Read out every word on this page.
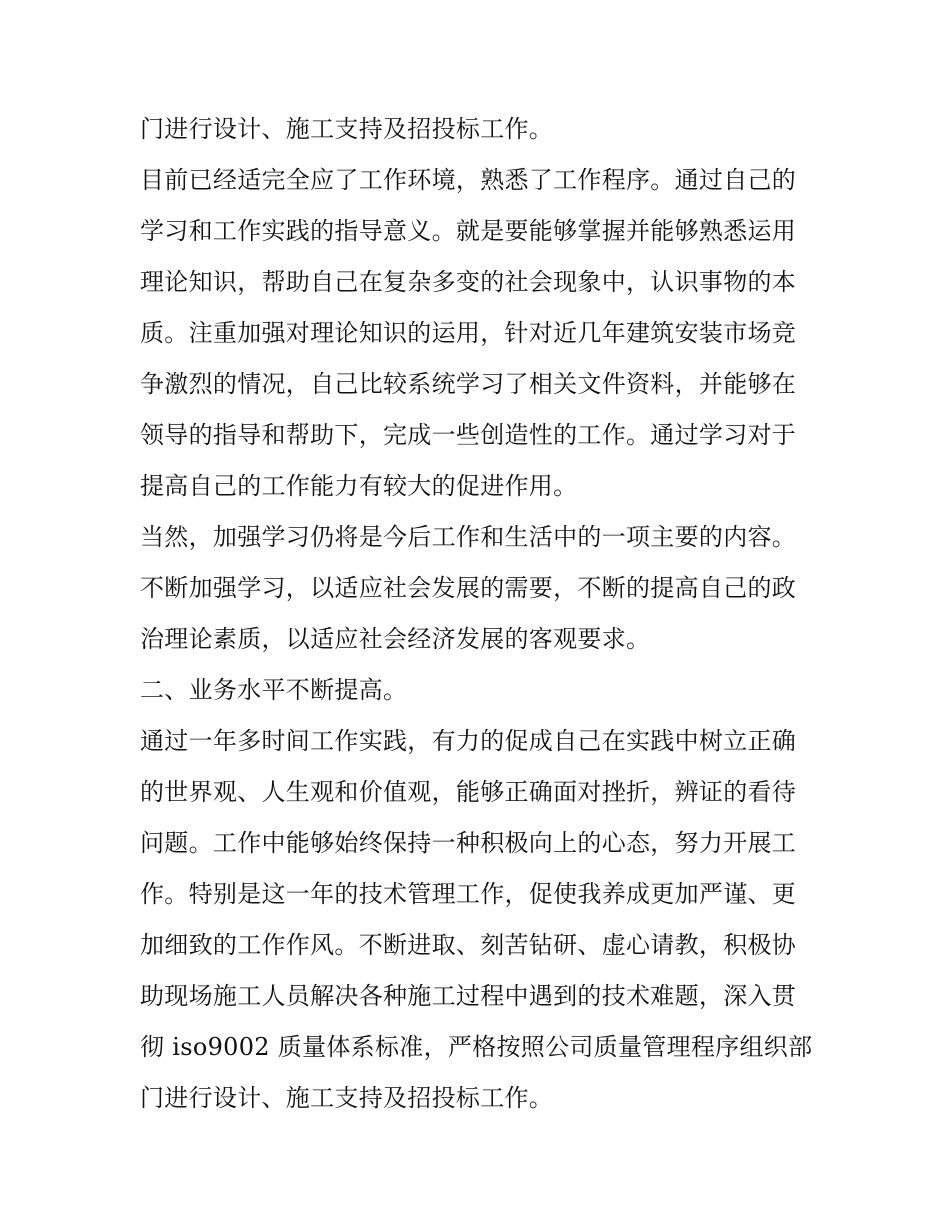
门进行设计、施工支持及招投标工作。
目前已经适完全应了工作环境，熟悉了工作程序。通过自己的
学习和工作实践的指导意义。就是要能够掌握并能够熟悉运用
理论知识，帮助自己在复杂多变的社会现象中，认识事物的本
质。注重加强对理论知识的运用，针对近几年建筑安装市场竞
争激烈的情况，自己比较系统学习了相关文件资料，并能够在
领导的指导和帮助下，完成一些创造性的工作。通过学习对于
提高自己的工作能力有较大的促进作用。
当然，加强学习仍将是今后工作和生活中的一项主要的内容。
不断加强学习，以适应社会发展的需要，不断的提高自己的政
治理论素质，以适应社会经济发展的客观要求。
二、业务水平不断提高。
通过一年多时间工作实践，有力的促成自己在实践中树立正确
的世界观、人生观和价值观，能够正确面对挫折，辨证的看待
问题。工作中能够始终保持一种积极向上的心态，努力开展工
作。特别是这一年的技术管理工作，促使我养成更加严谨、更
加细致的工作作风。不断进取、刻苦钻研、虚心请教，积极协
助现场施工人员解决各种施工过程中遇到的技术难题，深入贯
彻 iso9002 质量体系标准，严格按照公司质量管理程序组织部
门进行设计、施工支持及招投标工作。
